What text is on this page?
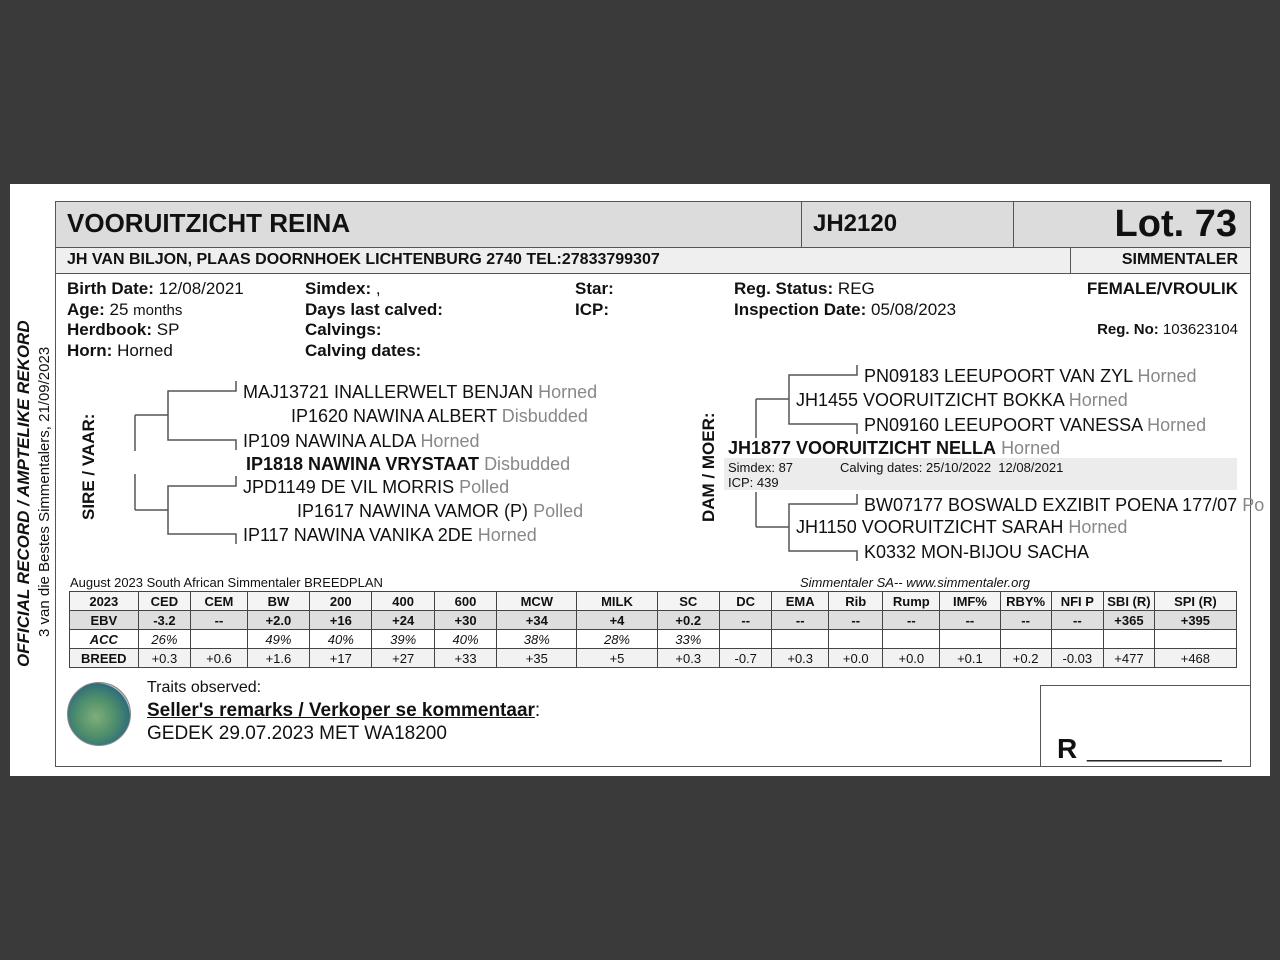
OFFICIAL RECORD / AMPTELIKE REKORD 3 van die Bestes Simmentalers, 21/09/2023
VOORUITZICHT REINA	JH2120	Lot. 73
JH VAN BILJON, PLAAS DOORNHOEK LICHTENBURG 2740 TEL:27833799307	SIMMENTALER
Birth Date: 12/08/2021
Age: 25 months
Herdbook: SP
Horn: Horned
Simdex: ,
Days last calved:
Calvings:
Calving dates:
Star:
ICP:
Reg. Status: REG
Inspection Date: 05/08/2023
FEMALE/VROULIK
Reg. No: 103623104
SIRE / VAAR:	DAM / MOER:
MAJ13721 INALLERWELT BENJAN Horned
IP1620 NAWINA ALBERT Disbudded
IP109 NAWINA ALDA Horned
IP1818 NAWINA VRYSTAAT Disbudded
JPD1149 DE VIL MORRIS Polled
IP1617 NAWINA VAMOR (P) Polled
IP117 NAWINA VANIKA 2DE Horned
PN09183 LEEUPOORT VAN ZYL Horned
JH1455 VOORUITZICHT BOKKA Horned
PN09160 LEEUPOORT VANESSA Horned
JH1877 VOORUITZICHT NELLA Horned
Simdex: 87	Calving dates: 25/10/2022  12/08/2021
ICP: 439
BW07177 BOSWALD EXZIBIT POENA 177/07 Po
JH1150 VOORUITZICHT SARAH Horned
K0332 MON-BIJOU SACHA
August 2023 South African Simmentaler BREEDPLAN	Simmentaler SA-- www.simmentaler.org
2023	CED	CEM	BW	200	400	600	MCW	MILK	SC	DC	EMA	Rib	Rump	IMF%	RBY%	NFI P	SBI (R)	SPI (R)
EBV	-3.2	--	+2.0	+16	+24	+30	+34	+4	+0.2	--	--	--	--	--	--	--	+365	+395
ACC	26%		49%	40%	39%	40%	38%	28%	33%									
BREED	+0.3	+0.6	+1.6	+17	+27	+33	+35	+5	+0.3	-0.7	+0.3	+0.0	+0.0	+0.1	+0.2	-0.03	+477	+468
Traits observed:
Seller's remarks / Verkoper se kommentaar:
GEDEK 29.07.2023 MET WA18200	R ___________
